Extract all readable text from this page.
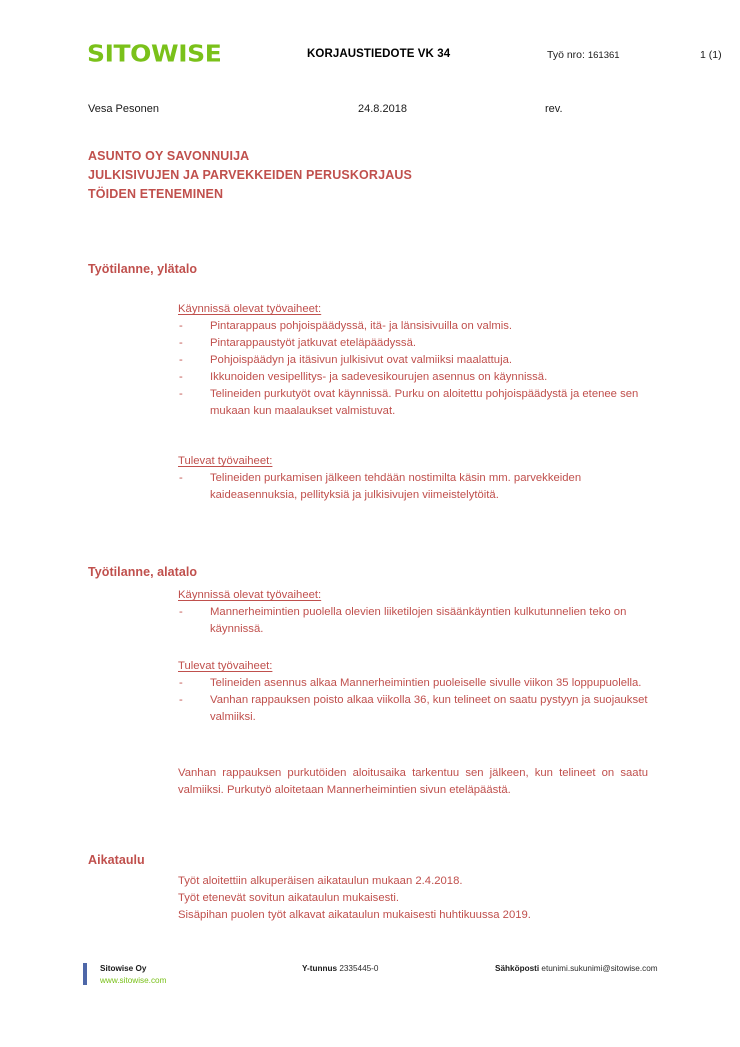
SITOWISE	KORJAUSTIEDOTE VK 34	Työ nro: 161361	1 (1)
Vesa Pesonen	24.8.2018	rev.
ASUNTO OY SAVONNUIJA
JULKISIVUJEN JA PARVEKKEIDEN PERUSKORJAUS
TÖIDEN ETENEMINEN
Työtilanne, ylätalo
Käynnissä olevat työvaiheet:
- Pintarappaus pohjoispäädyssä, itä- ja länsisivuilla on valmis.
- Pintarappaustyöt jatkuvat eteläpäädyssä.
- Pohjoispäädyn ja itäsivun julkisivut ovat valmiiksi maalattuja.
- Ikkunoiden vesipellitys- ja sadevesikourujen asennus on käynnissä.
- Telineiden purkutyöt ovat käynnissä. Purku on aloitettu pohjoispäädystä ja etenee sen mukaan kun maalaukset valmistuvat.
Tulevat työvaiheet:
- Telineiden purkamisen jälkeen tehdään nostimilta käsin mm. parvekkeiden kaideasennuksia, pellityksiä ja julkisivujen viimeistelytöitä.
Työtilanne, alatalo
Käynnissä olevat työvaiheet:
- Mannerheimintien puolella olevien liiketilojen sisäänkäyntien kulkutunnelien teko on käynnissä.
Tulevat työvaiheet:
- Telineiden asennus alkaa Mannerheimintien puoleiselle sivulle viikon 35 loppupuolella.
- Vanhan rappauksen poisto alkaa viikolla 36, kun telineet on saatu pystyyn ja suojaukset valmiiksi.

Vanhan rappauksen purkutöiden aloitusaika tarkentuu sen jälkeen, kun telineet on saatu valmiiksi. Purkutyö aloitetaan Mannerheimintien sivun eteläpäästä.

Aikataulu
Työt aloitettiin alkuperäisen aikataulun mukaan 2.4.2018.
Työt etenevät sovitun aikataulun mukaisesti.
Sisäpihan puolen työt alkavat aikataulun mukaisesti huhtikuussa 2019.
Sitowise Oy
www.sitowise.com
Y-tunnus 2335445-0	Sähköposti etunimi.sukunimi@sitowise.com
